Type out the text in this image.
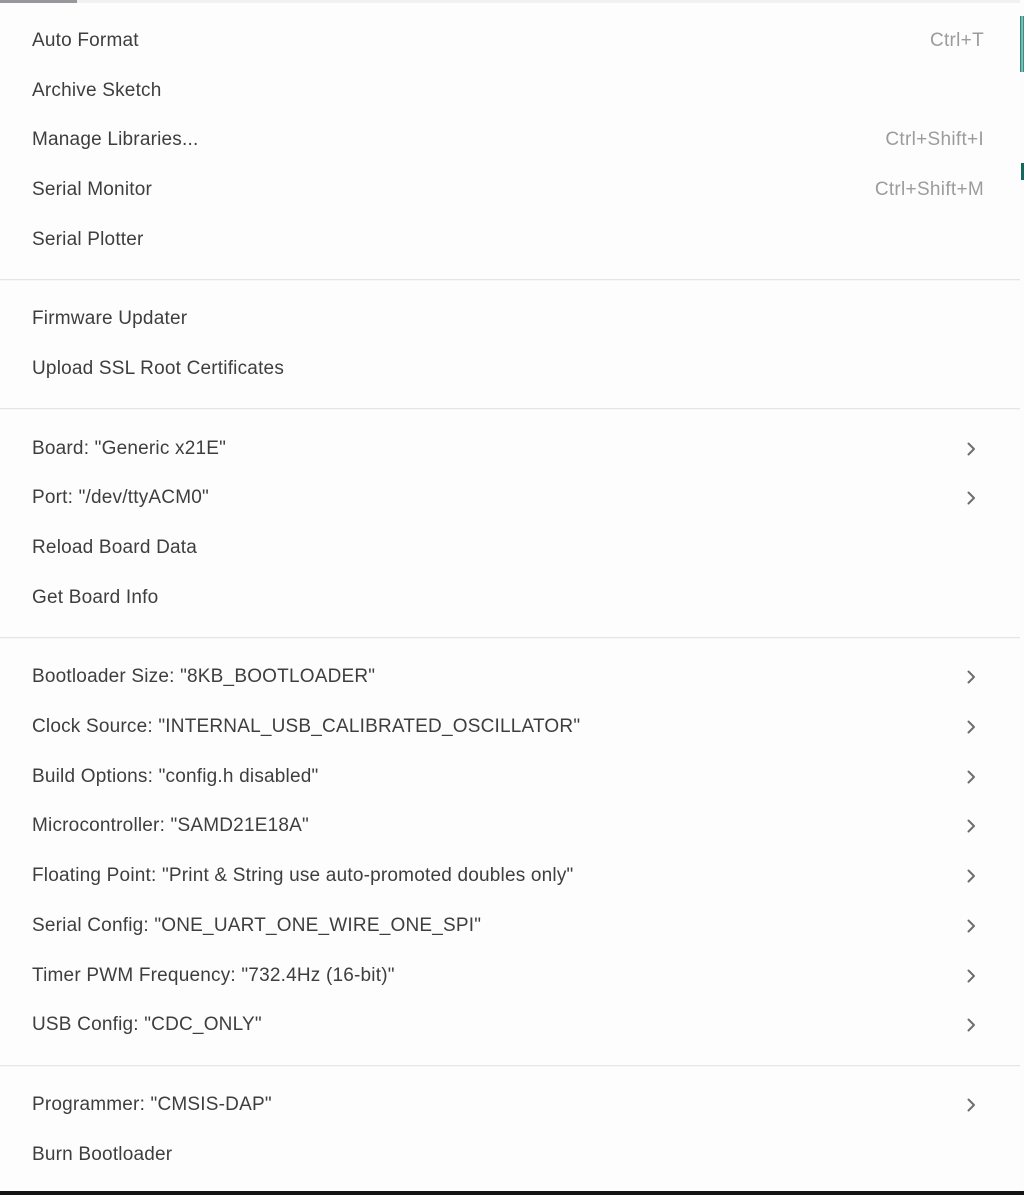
Auto Format	Ctrl+T
Archive Sketch
Manage Libraries...	Ctrl+Shift+I
Serial Monitor	Ctrl+Shift+M
Serial Plotter
Firmware Updater
Upload SSL Root Certificates
Board: "Generic x21E"
Port: "/dev/ttyACM0"
Reload Board Data
Get Board Info
Bootloader Size: "8KB_BOOTLOADER"
Clock Source: "INTERNAL_USB_CALIBRATED_OSCILLATOR"
Build Options: "config.h disabled"
Microcontroller: "SAMD21E18A"
Floating Point: "Print & String use auto-promoted doubles only"
Serial Config: "ONE_UART_ONE_WIRE_ONE_SPI"
Timer PWM Frequency: "732.4Hz (16-bit)"
USB Config: "CDC_ONLY"
Programmer: "CMSIS-DAP"
Burn Bootloader
